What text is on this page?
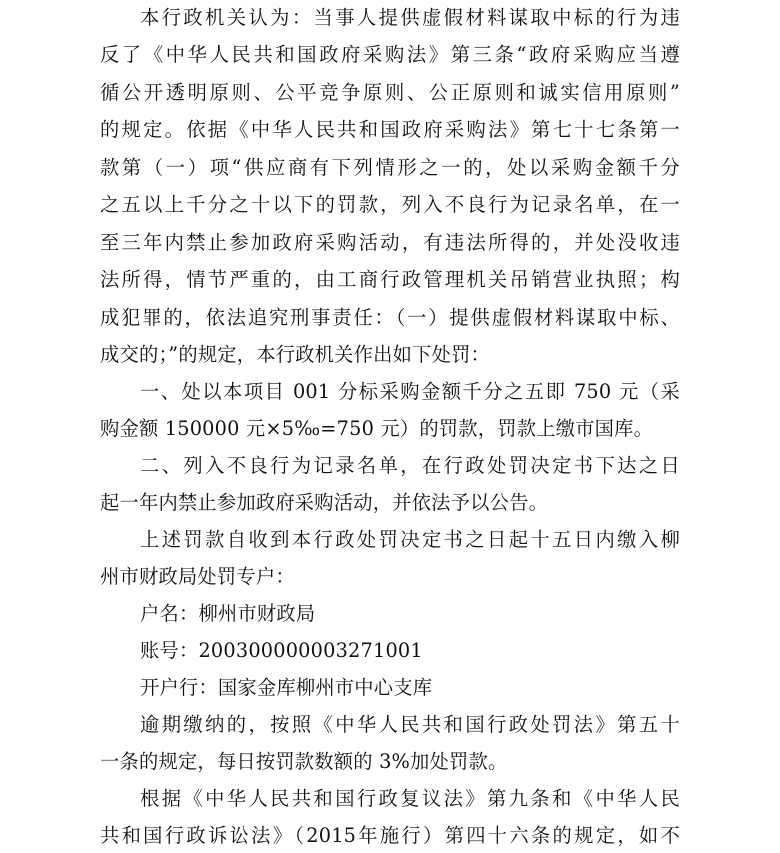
本行政机关认为：当事人提供虚假材料谋取中标的行为违
反了《中华人民共和国政府采购法》第三条“政府采购应当遵
循公开透明原则、公平竞争原则、公正原则和诚实信用原则”
的规定。依据《中华人民共和国政府采购法》第七十七条第一
款第（一）项“供应商有下列情形之一的，处以采购金额千分
之五以上千分之十以下的罚款，列入不良行为记录名单，在一
至三年内禁止参加政府采购活动，有违法所得的，并处没收违
法所得，情节严重的，由工商行政管理机关吊销营业执照；构
成犯罪的，依法追究刑事责任：（一）提供虚假材料谋取中标、
成交的；”的规定，本行政机关作出如下处罚：
一、处以本项目 001 分标采购金额千分之五即 750 元（采
购金额 150000 元×5‰=750 元）的罚款，罚款上缴市国库。
二、列入不良行为记录名单，在行政处罚决定书下达之日
起一年内禁止参加政府采购活动，并依法予以公告。
上述罚款自收到本行政处罚决定书之日起十五日内缴入柳
州市财政局处罚专户：
户名：柳州市财政局
账号：200300000003271001
开户行：国家金库柳州市中心支库
逾期缴纳的，按照《中华人民共和国行政处罚法》第五十
一条的规定，每日按罚款数额的 3%加处罚款。
根据《中华人民共和国行政复议法》第九条和《中华人民
共和国行政诉讼法》（2015年施行）第四十六条的规定，如不
